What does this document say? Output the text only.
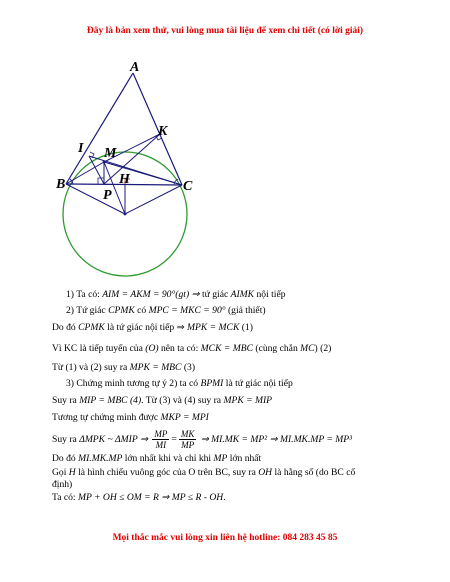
Đây là bản xem thử, vui lòng mua tài liệu để xem chi tiết (có lời giải)
A
K
I M
H
B
P
C
1) Ta có: AIM = AKM = 90°(gt) ⇒ tứ giác AIMK nội tiếp
2) Tứ giác CPMK có MPC = MKC = 90° (giả thiết)
Do đó CPMK là tứ giác nội tiếp ⇒ MPK = MCK (1)
Vì KC là tiếp tuyến của (O) nên ta có: MCK = MBC (cùng chắn MC) (2)
Từ (1) và (2) suy ra MPK = MBC (3)
3) Chứng minh tương tự ý 2) ta có BPMI là tứ giác nội tiếp
Suy ra MIP = MBC (4). Từ (3) và (4) suy ra MPK = MIP
Tương tự chứng minh được MKP = MPI
Suy ra ΔMPK ~ ΔMIP ⇒ $\frac{MP}{MI} = \frac{MK}{MP}$ ⇒ MI.MK = MP² ⇒ MI.MK.MP = MP³
Do đó MI.MK.MP lớn nhất khi và chỉ khi MP lớn nhất
Gọi H là hình chiếu vuông góc của O trên BC, suy ra OH là hằng số (do BC cố
định)
Ta có: MP + OH ≤ OM = R ⇒ MP ≤ R - OH.
Mọi thắc mắc vui lòng xin liên hệ hotline: 084 283 45 85
